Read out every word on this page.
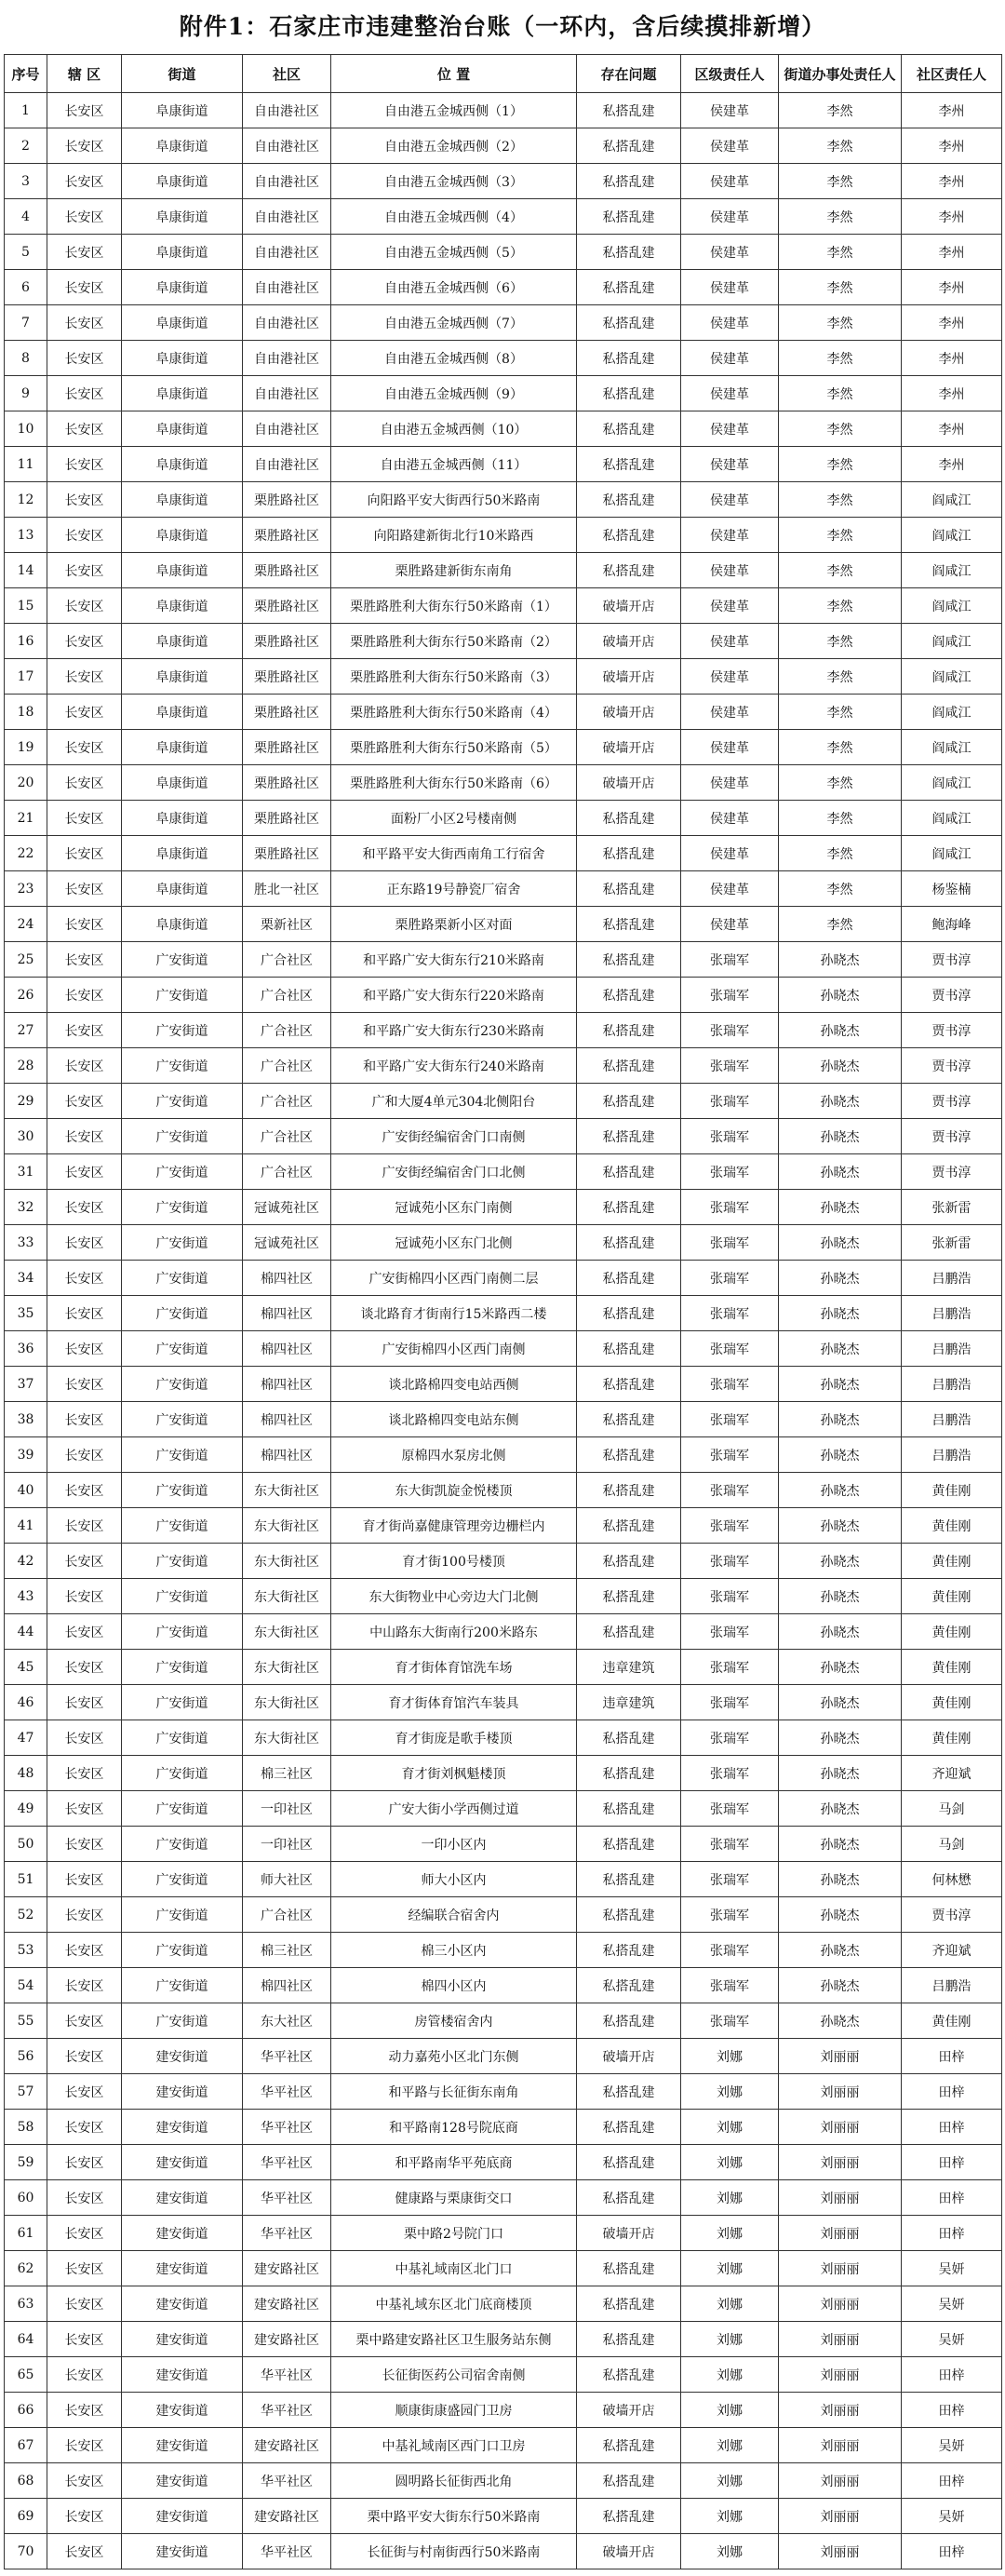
附件1：石家庄市违建整治台账（一环内，含后续摸排新增）
序号	辖 区	街道	社区	位 置	存在问题	区级责任人	街道办事处责任人	社区责任人
1	长安区	阜康街道	自由港社区	自由港五金城西侧（1）	私搭乱建	侯建革	李然	李州
2	长安区	阜康街道	自由港社区	自由港五金城西侧（2）	私搭乱建	侯建革	李然	李州
3	长安区	阜康街道	自由港社区	自由港五金城西侧（3）	私搭乱建	侯建革	李然	李州
4	长安区	阜康街道	自由港社区	自由港五金城西侧（4）	私搭乱建	侯建革	李然	李州
5	长安区	阜康街道	自由港社区	自由港五金城西侧（5）	私搭乱建	侯建革	李然	李州
6	长安区	阜康街道	自由港社区	自由港五金城西侧（6）	私搭乱建	侯建革	李然	李州
7	长安区	阜康街道	自由港社区	自由港五金城西侧（7）	私搭乱建	侯建革	李然	李州
8	长安区	阜康街道	自由港社区	自由港五金城西侧（8）	私搭乱建	侯建革	李然	李州
9	长安区	阜康街道	自由港社区	自由港五金城西侧（9）	私搭乱建	侯建革	李然	李州
10	长安区	阜康街道	自由港社区	自由港五金城西侧（10）	私搭乱建	侯建革	李然	李州
11	长安区	阜康街道	自由港社区	自由港五金城西侧（11）	私搭乱建	侯建革	李然	李州
12	长安区	阜康街道	栗胜路社区	向阳路平安大街西行50米路南	私搭乱建	侯建革	李然	阎咸江
13	长安区	阜康街道	栗胜路社区	向阳路建新街北行10米路西	私搭乱建	侯建革	李然	阎咸江
14	长安区	阜康街道	栗胜路社区	栗胜路建新街东南角	私搭乱建	侯建革	李然	阎咸江
15	长安区	阜康街道	栗胜路社区	栗胜路胜利大街东行50米路南（1）	破墙开店	侯建革	李然	阎咸江
16	长安区	阜康街道	栗胜路社区	栗胜路胜利大街东行50米路南（2）	破墙开店	侯建革	李然	阎咸江
17	长安区	阜康街道	栗胜路社区	栗胜路胜利大街东行50米路南（3）	破墙开店	侯建革	李然	阎咸江
18	长安区	阜康街道	栗胜路社区	栗胜路胜利大街东行50米路南（4）	破墙开店	侯建革	李然	阎咸江
19	长安区	阜康街道	栗胜路社区	栗胜路胜利大街东行50米路南（5）	破墙开店	侯建革	李然	阎咸江
20	长安区	阜康街道	栗胜路社区	栗胜路胜利大街东行50米路南（6）	破墙开店	侯建革	李然	阎咸江
21	长安区	阜康街道	栗胜路社区	面粉厂小区2号楼南侧	私搭乱建	侯建革	李然	阎咸江
22	长安区	阜康街道	栗胜路社区	和平路平安大街西南角工行宿舍	私搭乱建	侯建革	李然	阎咸江
23	长安区	阜康街道	胜北一社区	正东路19号静瓷厂宿舍	私搭乱建	侯建革	李然	杨鉴楠
24	长安区	阜康街道	栗新社区	栗胜路栗新小区对面	私搭乱建	侯建革	李然	鲍海峰
25	长安区	广安街道	广合社区	和平路广安大街东行210米路南	私搭乱建	张瑞军	孙晓杰	贾书淳
26	长安区	广安街道	广合社区	和平路广安大街东行220米路南	私搭乱建	张瑞军	孙晓杰	贾书淳
27	长安区	广安街道	广合社区	和平路广安大街东行230米路南	私搭乱建	张瑞军	孙晓杰	贾书淳
28	长安区	广安街道	广合社区	和平路广安大街东行240米路南	私搭乱建	张瑞军	孙晓杰	贾书淳
29	长安区	广安街道	广合社区	广和大厦4单元304北侧阳台	私搭乱建	张瑞军	孙晓杰	贾书淳
30	长安区	广安街道	广合社区	广安街经编宿舍门口南侧	私搭乱建	张瑞军	孙晓杰	贾书淳
31	长安区	广安街道	广合社区	广安街经编宿舍门口北侧	私搭乱建	张瑞军	孙晓杰	贾书淳
32	长安区	广安街道	冠诚苑社区	冠诚苑小区东门南侧	私搭乱建	张瑞军	孙晓杰	张新雷
33	长安区	广安街道	冠诚苑社区	冠诚苑小区东门北侧	私搭乱建	张瑞军	孙晓杰	张新雷
34	长安区	广安街道	棉四社区	广安街棉四小区西门南侧二层	私搭乱建	张瑞军	孙晓杰	吕鹏浩
35	长安区	广安街道	棉四社区	谈北路育才街南行15米路西二楼	私搭乱建	张瑞军	孙晓杰	吕鹏浩
36	长安区	广安街道	棉四社区	广安街棉四小区西门南侧	私搭乱建	张瑞军	孙晓杰	吕鹏浩
37	长安区	广安街道	棉四社区	谈北路棉四变电站西侧	私搭乱建	张瑞军	孙晓杰	吕鹏浩
38	长安区	广安街道	棉四社区	谈北路棉四变电站东侧	私搭乱建	张瑞军	孙晓杰	吕鹏浩
39	长安区	广安街道	棉四社区	原棉四水泵房北侧	私搭乱建	张瑞军	孙晓杰	吕鹏浩
40	长安区	广安街道	东大街社区	东大街凯旋金悦楼顶	私搭乱建	张瑞军	孙晓杰	黄佳刚
41	长安区	广安街道	东大街社区	育才街尚嘉健康管理旁边栅栏内	私搭乱建	张瑞军	孙晓杰	黄佳刚
42	长安区	广安街道	东大街社区	育才街100号楼顶	私搭乱建	张瑞军	孙晓杰	黄佳刚
43	长安区	广安街道	东大街社区	东大街物业中心旁边大门北侧	私搭乱建	张瑞军	孙晓杰	黄佳刚
44	长安区	广安街道	东大街社区	中山路东大街南行200米路东	私搭乱建	张瑞军	孙晓杰	黄佳刚
45	长安区	广安街道	东大街社区	育才街体育馆洗车场	违章建筑	张瑞军	孙晓杰	黄佳刚
46	长安区	广安街道	东大街社区	育才街体育馆汽车装具	违章建筑	张瑞军	孙晓杰	黄佳刚
47	长安区	广安街道	东大街社区	育才街庞是歌手楼顶	私搭乱建	张瑞军	孙晓杰	黄佳刚
48	长安区	广安街道	棉三社区	育才街刘枫魁楼顶	私搭乱建	张瑞军	孙晓杰	齐迎斌
49	长安区	广安街道	一印社区	广安大街小学西侧过道	私搭乱建	张瑞军	孙晓杰	马剑
50	长安区	广安街道	一印社区	一印小区内	私搭乱建	张瑞军	孙晓杰	马剑
51	长安区	广安街道	师大社区	师大小区内	私搭乱建	张瑞军	孙晓杰	何林懋
52	长安区	广安街道	广合社区	经编联合宿舍内	私搭乱建	张瑞军	孙晓杰	贾书淳
53	长安区	广安街道	棉三社区	棉三小区内	私搭乱建	张瑞军	孙晓杰	齐迎斌
54	长安区	广安街道	棉四社区	棉四小区内	私搭乱建	张瑞军	孙晓杰	吕鹏浩
55	长安区	广安街道	东大社区	房管楼宿舍内	私搭乱建	张瑞军	孙晓杰	黄佳刚
56	长安区	建安街道	华平社区	动力嘉苑小区北门东侧	破墙开店	刘娜	刘丽丽	田梓
57	长安区	建安街道	华平社区	和平路与长征街东南角	私搭乱建	刘娜	刘丽丽	田梓
58	长安区	建安街道	华平社区	和平路南128号院底商	私搭乱建	刘娜	刘丽丽	田梓
59	长安区	建安街道	华平社区	和平路南华平苑底商	私搭乱建	刘娜	刘丽丽	田梓
60	长安区	建安街道	华平社区	健康路与栗康街交口	私搭乱建	刘娜	刘丽丽	田梓
61	长安区	建安街道	华平社区	栗中路2号院门口	破墙开店	刘娜	刘丽丽	田梓
62	长安区	建安街道	建安路社区	中基礼域南区北门口	私搭乱建	刘娜	刘丽丽	吴妍
63	长安区	建安街道	建安路社区	中基礼域东区北门底商楼顶	私搭乱建	刘娜	刘丽丽	吴妍
64	长安区	建安街道	建安路社区	栗中路建安路社区卫生服务站东侧	私搭乱建	刘娜	刘丽丽	吴妍
65	长安区	建安街道	华平社区	长征街医药公司宿舍南侧	私搭乱建	刘娜	刘丽丽	田梓
66	长安区	建安街道	华平社区	顺康街康盛园门卫房	破墙开店	刘娜	刘丽丽	田梓
67	长安区	建安街道	建安路社区	中基礼域南区西门口卫房	私搭乱建	刘娜	刘丽丽	吴妍
68	长安区	建安街道	华平社区	圆明路长征街西北角	私搭乱建	刘娜	刘丽丽	田梓
69	长安区	建安街道	建安路社区	栗中路平安大街东行50米路南	私搭乱建	刘娜	刘丽丽	吴妍
70	长安区	建安街道	华平社区	长征街与村南街西行50米路南	破墙开店	刘娜	刘丽丽	田梓
